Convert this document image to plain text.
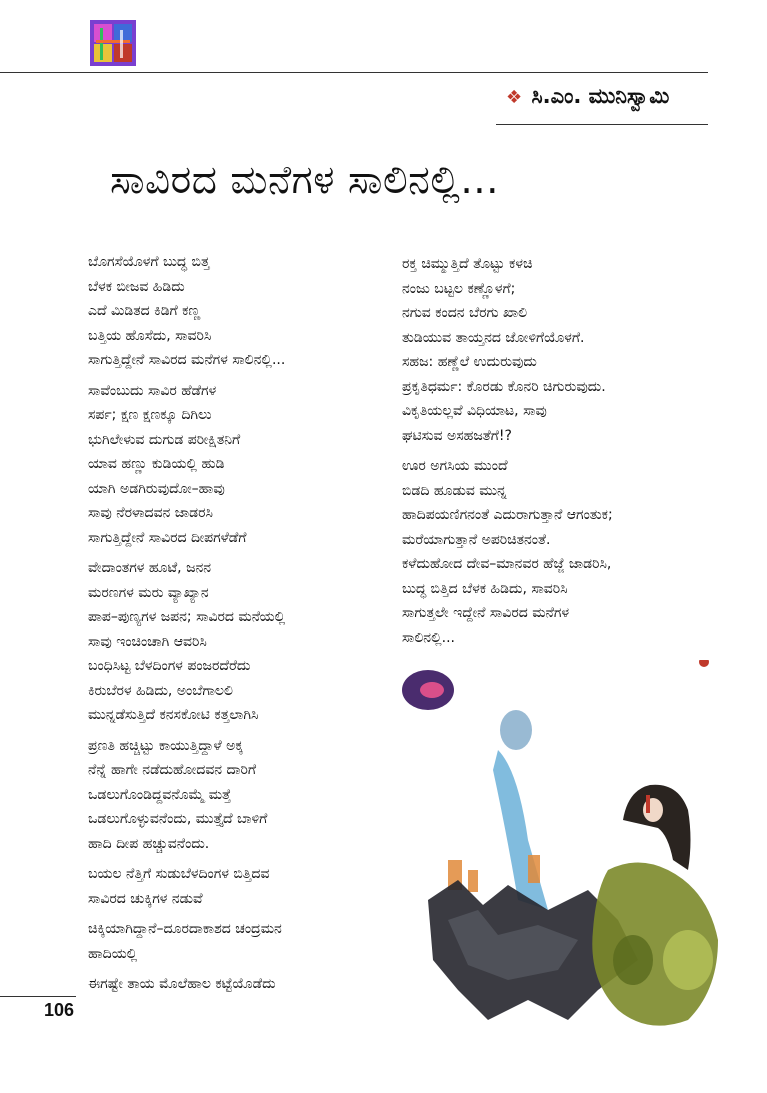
❖ ಸಿ.ಎಂ. ಮುನಿಸ್ವಾಮಿ
ಸಾವಿರದ ಮನೆಗಳ ಸಾಲಿನಲ್ಲಿ...
ಬೊಗಸೆಯೊಳಗೆ ಬುದ್ಧ ಬಿತ್ತ
ಬೆಳಕ ಬೀಜವ ಹಿಡಿದು
ಎದೆ ಮಿಡಿತದ ಕಿಡಿಗೆ ಕಣ್ಣ
ಬತ್ತಿಯ ಹೊಸೆದು, ಸಾವರಿಸಿ
ಸಾಗುತ್ತಿದ್ದೇನೆ ಸಾವಿರದ ಮನೆಗಳ ಸಾಲಿನಲ್ಲಿ...
ಸಾವೆಂಬುದು ಸಾವಿರ ಹೆಡೆಗಳ
ಸರ್ಪ; ಕ್ಷಣ ಕ್ಷಣಕ್ಕೂ ದಿಗಿಲು
ಭುಗಿಲೇಳುವ ದುಗುಡ ಪರೀಕ್ಷಿತನಿಗೆ
ಯಾವ ಹಣ್ಣು ಕುಡಿಯಲ್ಲಿ ಹುಡಿ
ಯಾಗಿ ಅಡಗಿರುವುದೋ–ಹಾವು
ಸಾವು ನೆರಳಾದವನ ಜಾಡರಸಿ
ಸಾಗುತ್ತಿದ್ದೇನೆ ಸಾವಿರದ ದೀಪಗಳೆಡೆಗೆ
ವೇದಾಂತಗಳ ಹೂಟೆ, ಜನನ
ಮರಣಗಳ ಮರು ವ್ಯಾಖ್ಯಾನ
ಪಾಪ–ಪುಣ್ಯಗಳ ಜಪನ; ಸಾವಿರದ ಮನೆಯಲ್ಲಿ
ಸಾವು ಇಂಚಿಂಚಾಗಿ ಆವರಿಸಿ
ಬಂಧಿಸಿಟ್ಟ ಬೆಳದಿಂಗಳ ಪಂಜರದೆರೆದು
ಕಿರುಬೆರಳ ಹಿಡಿದು, ಅಂಬೆಗಾಲಲಿ
ಮುನ್ನಡೆಸುತ್ತಿದೆ ಕನಸಕೋಟಿ ಕತ್ತಲಾಗಿಸಿ
ಪ್ರಣತಿ ಹಚ್ಚಿಟ್ಟು ಕಾಯುತ್ತಿದ್ದಾಳೆ ಅಕ್ಕ
ನೆನ್ನೆ ಹಾಗೇ ನಡೆದುಹೋದವನ ದಾರಿಗೆ
ಒಡಲುಗೊಂಡಿದ್ದವನೊಮ್ಮೆ ಮತ್ತೆ
ಒಡಲುಗೊಳ್ಳುವನೆಂದು, ಮುತ್ತೈದೆ ಬಾಳಿಗೆ
ಹಾದಿ ದೀಪ ಹಚ್ಚುವನೆಂದು.
ಬಯಲ ನೆತ್ತಿಗೆ ಸುಡುಬೆಳದಿಂಗಳ ಬಿತ್ತಿದವ
ಸಾವಿರದ ಚುಕ್ಕಿಗಳ ನಡುವೆ
ಚಿಕ್ಕಿಯಾಗಿದ್ದಾನೆ–ದೂರದಾಕಾಶದ ಚಂದ್ರಮನ
ಹಾದಿಯಲ್ಲಿ
ಈಗಷ್ಟೇ ತಾಯ ಮೊಲೆಹಾಲ ಕಟ್ಟೆಯೊಡೆದು
ರಕ್ತ ಚಿಮ್ಮುತ್ತಿದೆ ತೊಟ್ಟು ಕಳಚಿ
ನಂಜು ಬಟ್ಟಲ ಕಣ್ಣೊಳಗೆ;
ನಗುವ ಕಂದನ ಬೆರಗು ಖಾಲಿ
ತುಡಿಯುವ ತಾಯ್ತನದ ಜೋಳಿಗೆಯೊಳಗೆ.
ಸಹಜ: ಹಣ್ಣೆಲೆ ಉದುರುವುದು
ಪ್ರಕೃತಿಧರ್ಮ: ಕೊರಡು ಕೊನರಿ ಚಿಗುರುವುದು.
ವಿಕೃತಿಯಲ್ಲವೆ ವಿಧಿಯಾಟ, ಸಾವು
ಘಟಿಸುವ ಅಸಹಜತೆಗೆ!?
ಊರ ಅಗಸಿಯ ಮುಂದೆ
ಬಿಡದಿ ಹೂಡುವ ಮುನ್ನ
ಹಾದಿಪಯಣಿಗನಂತೆ ಎದುರಾಗುತ್ತಾನೆ ಆಗಂತುಕ;
ಮರೆಯಾಗುತ್ತಾನೆ ಅಪರಿಚಿತನಂತೆ.
ಕಳೆದುಹೋದ ದೇವ–ಮಾನವರ ಹೆಜ್ಜೆ ಜಾಡರಿಸಿ,
ಬುದ್ಧ ಬಿತ್ತಿದ ಬೆಳಕ ಹಿಡಿದು, ಸಾವರಿಸಿ
ಸಾಗುತ್ತಲೇ ಇದ್ದೇನೆ ಸಾವಿರದ ಮನೆಗಳ
ಸಾಲಿನಲ್ಲಿ...
106
